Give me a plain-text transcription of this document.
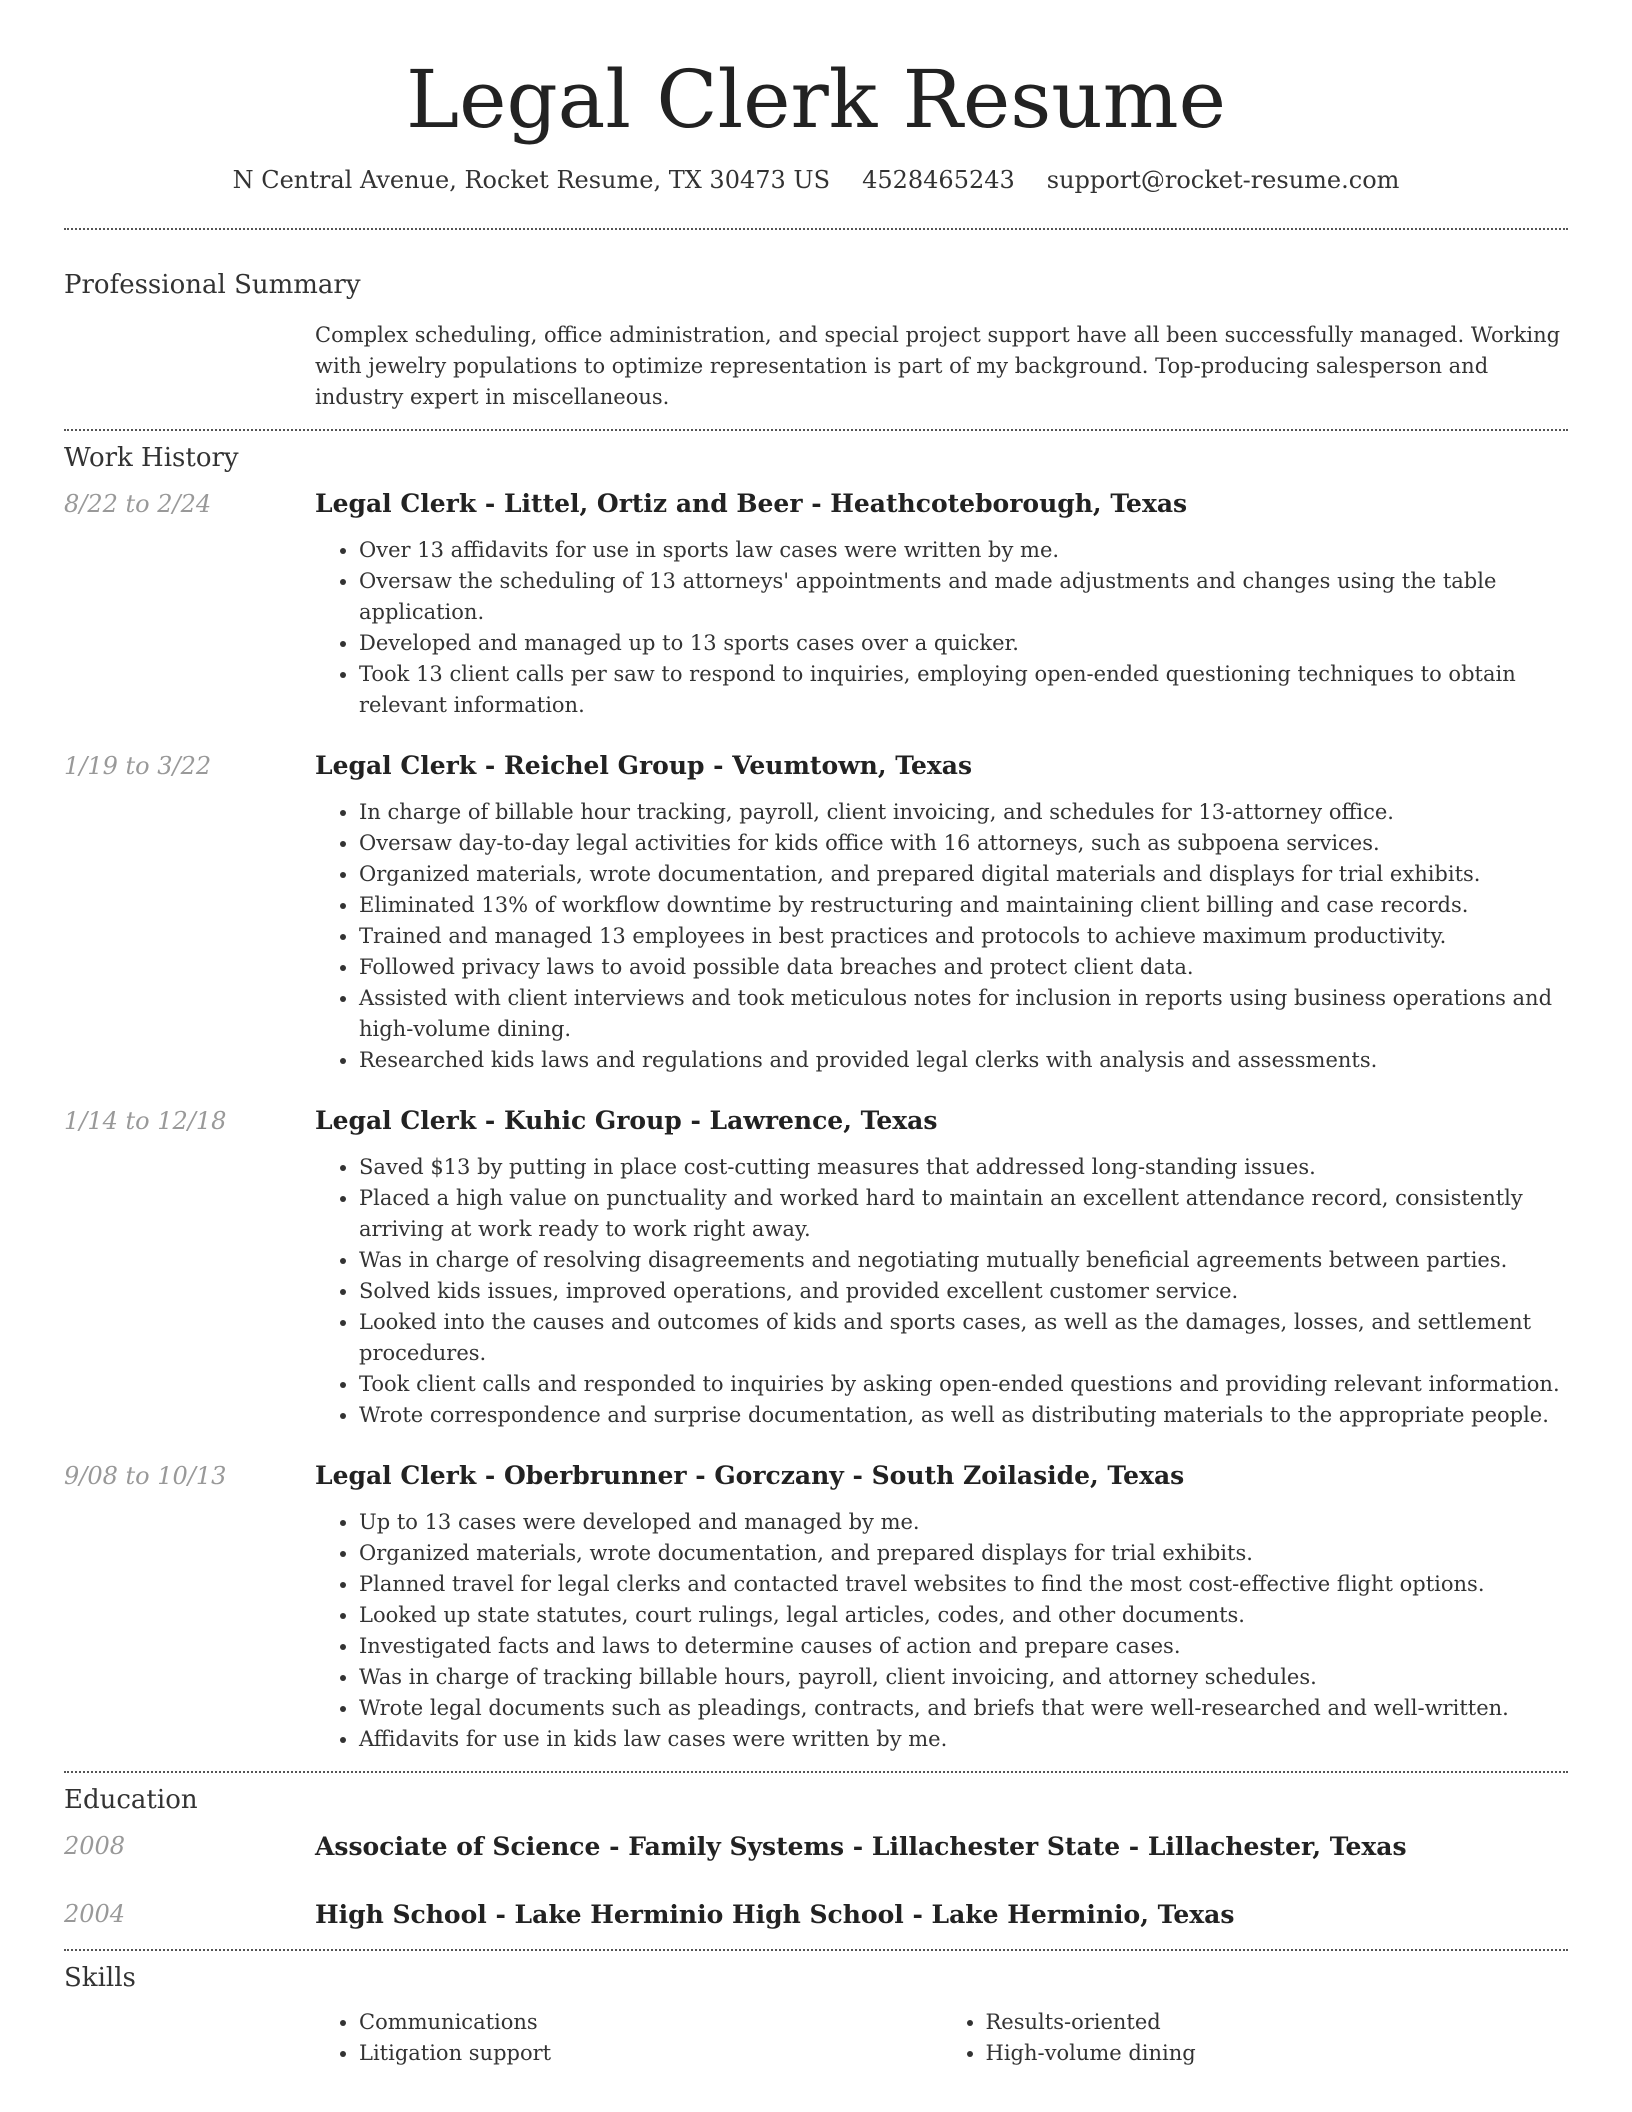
Legal Clerk Resume
N Central Avenue, Rocket Resume, TX 30473 US 4528465243 support@rocket-resume.com
Professional Summary

Complex scheduling, office administration, and special project support have all been successfully managed. Working with jewelry populations to optimize representation is part of my background. Top-producing salesperson and industry expert in miscellaneous.

Work History
8/22 to 2/24	Legal Clerk - Littel, Ortiz and Beer - Heathcoteborough, Texas
• Over 13 affidavits for use in sports law cases were written by me.
• Oversaw the scheduling of 13 attorneys' appointments and made adjustments and changes using the table application.
• Developed and managed up to 13 sports cases over a quicker.
• Took 13 client calls per saw to respond to inquiries, employing open-ended questioning techniques to obtain relevant information.
1/19 to 3/22	Legal Clerk - Reichel Group - Veumtown, Texas
• In charge of billable hour tracking, payroll, client invoicing, and schedules for 13-attorney office.
• Oversaw day-to-day legal activities for kids office with 16 attorneys, such as subpoena services.
• Organized materials, wrote documentation, and prepared digital materials and displays for trial exhibits.
• Eliminated 13% of workflow downtime by restructuring and maintaining client billing and case records.
• Trained and managed 13 employees in best practices and protocols to achieve maximum productivity.
• Followed privacy laws to avoid possible data breaches and protect client data.
• Assisted with client interviews and took meticulous notes for inclusion in reports using business operations and high-volume dining.
• Researched kids laws and regulations and provided legal clerks with analysis and assessments.
1/14 to 12/18	Legal Clerk - Kuhic Group - Lawrence, Texas
• Saved $13 by putting in place cost-cutting measures that addressed long-standing issues.
• Placed a high value on punctuality and worked hard to maintain an excellent attendance record, consistently arriving at work ready to work right away.
• Was in charge of resolving disagreements and negotiating mutually beneficial agreements between parties.
• Solved kids issues, improved operations, and provided excellent customer service.
• Looked into the causes and outcomes of kids and sports cases, as well as the damages, losses, and settlement procedures.
• Took client calls and responded to inquiries by asking open-ended questions and providing relevant information.
• Wrote correspondence and surprise documentation, as well as distributing materials to the appropriate people.
9/08 to 10/13	Legal Clerk - Oberbrunner - Gorczany - South Zoilaside, Texas
• Up to 13 cases were developed and managed by me.
• Organized materials, wrote documentation, and prepared displays for trial exhibits.
• Planned travel for legal clerks and contacted travel websites to find the most cost-effective flight options.
• Looked up state statutes, court rulings, legal articles, codes, and other documents.
• Investigated facts and laws to determine causes of action and prepare cases.
• Was in charge of tracking billable hours, payroll, client invoicing, and attorney schedules.
• Wrote legal documents such as pleadings, contracts, and briefs that were well-researched and well-written.
• Affidavits for use in kids law cases were written by me.
Education
2008	Associate of Science - Family Systems - Lillachester State - Lillachester, Texas
2004	High School - Lake Herminio High School - Lake Herminio, Texas
Skills
• Communications
• Litigation support
• Results-oriented
• High-volume dining
